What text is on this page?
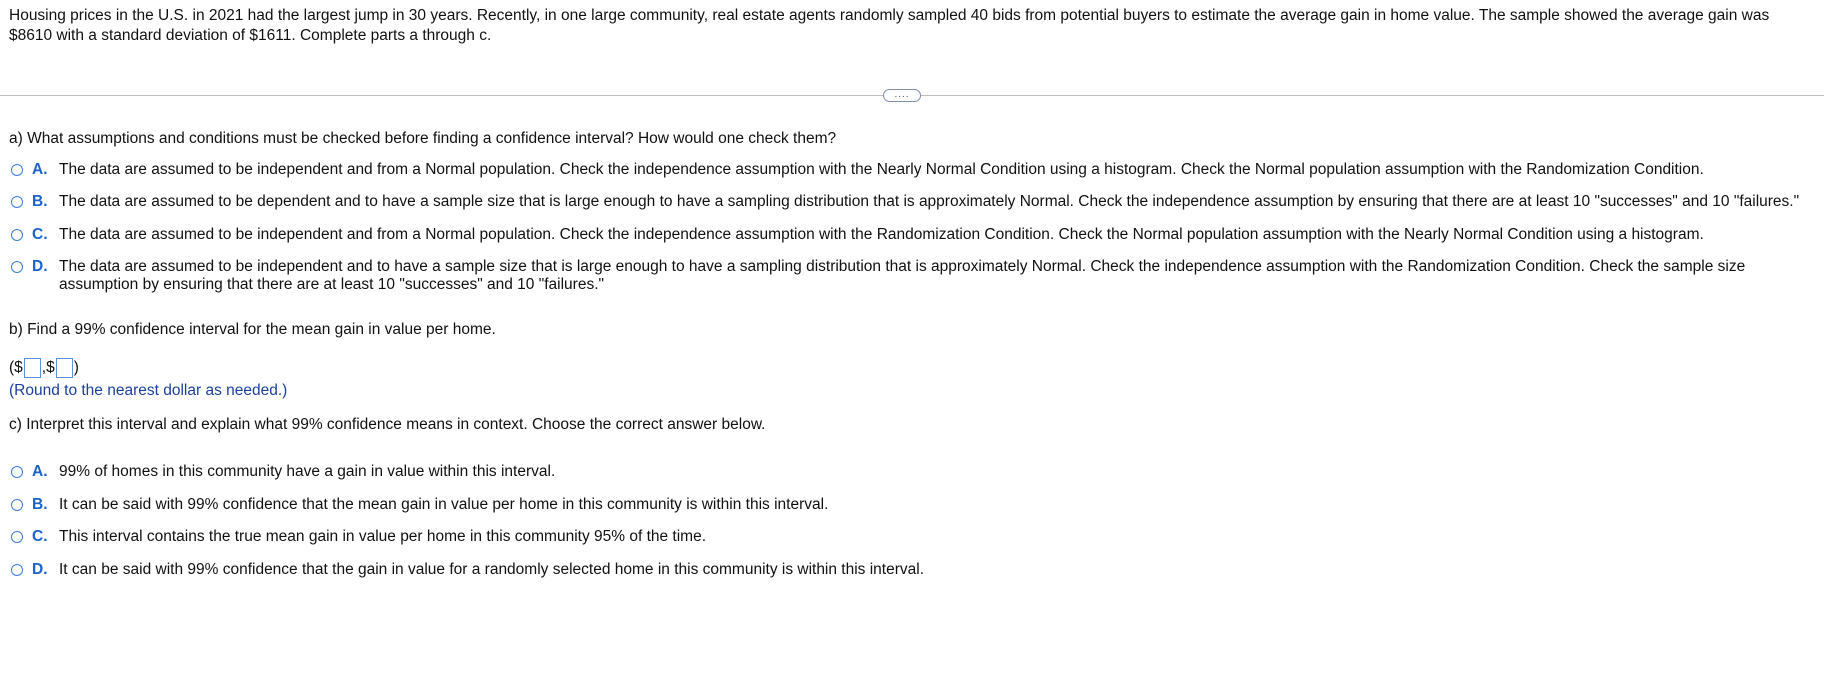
Housing prices in the U.S. in 2021 had the largest jump in 30 years. Recently, in one large community, real estate agents randomly sampled 40 bids from potential buyers to estimate the average gain in home value. The sample showed the average gain was $8610 with a standard deviation of $1611. Complete parts a through c.
....
a) What assumptions and conditions must be checked before finding a confidence interval? How would one check them?
A. The data are assumed to be independent and from a Normal population. Check the independence assumption with the Nearly Normal Condition using a histogram. Check the Normal population assumption with the Randomization Condition.
B. The data are assumed to be dependent and to have a sample size that is large enough to have a sampling distribution that is approximately Normal. Check the independence assumption by ensuring that there are at least 10 "successes" and 10 "failures."
C. The data are assumed to be independent and from a Normal population. Check the independence assumption with the Randomization Condition. Check the Normal population assumption with the Nearly Normal Condition using a histogram.
D. The data are assumed to be independent and to have a sample size that is large enough to have a sampling distribution that is approximately Normal. Check the independence assumption with the Randomization Condition. Check the sample size assumption by ensuring that there are at least 10 "successes" and 10 "failures."
b) Find a 99% confidence interval for the mean gain in value per home.
($ ,$ )
(Round to the nearest dollar as needed.)
c) Interpret this interval and explain what 99% confidence means in context. Choose the correct answer below.
A. 99% of homes in this community have a gain in value within this interval.
B. It can be said with 99% confidence that the mean gain in value per home in this community is within this interval.
C. This interval contains the true mean gain in value per home in this community 95% of the time.
D. It can be said with 99% confidence that the gain in value for a randomly selected home in this community is within this interval.
